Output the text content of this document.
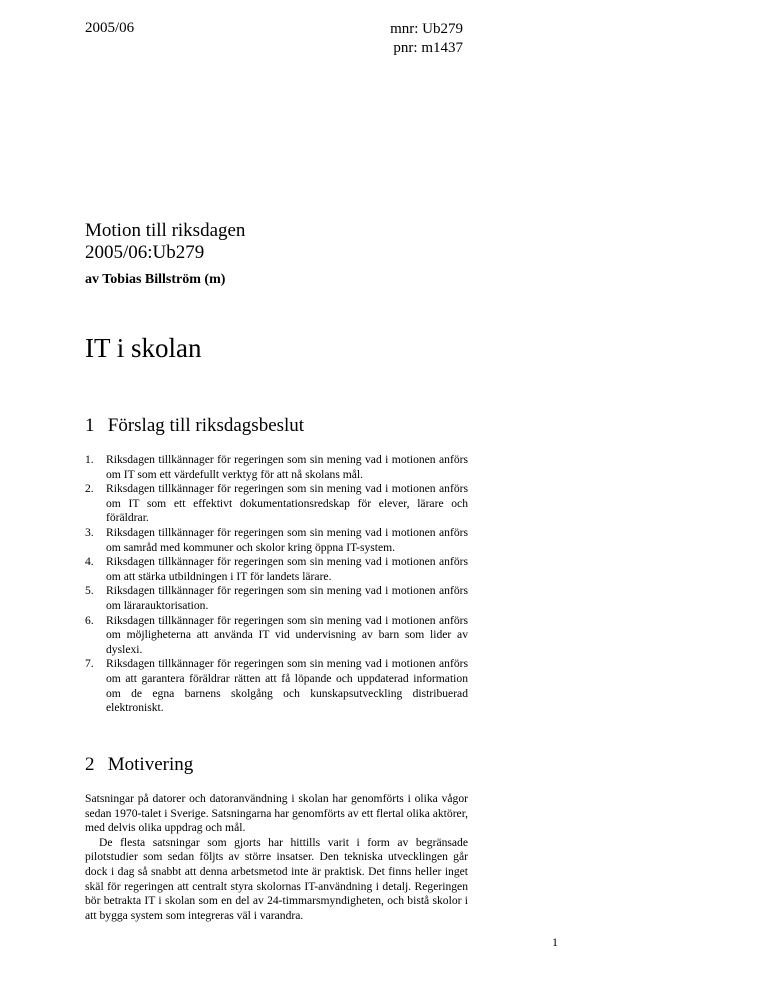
2005/06	mnr: Ub279
pnr: m1437
Motion till riksdagen
2005/06:Ub279
av Tobias Billström (m)
IT i skolan
1 Förslag till riksdagsbeslut
1.	Riksdagen tillkännager för regeringen som sin mening vad i motionen anförs om IT som ett värdefullt verktyg för att nå skolans mål.
2.	Riksdagen tillkännager för regeringen som sin mening vad i motionen anförs om IT som ett effektivt dokumentationsredskap för elever, lärare och föräldrar.
3.	Riksdagen tillkännager för regeringen som sin mening vad i motionen anförs om samråd med kommuner och skolor kring öppna IT-system.
4.	Riksdagen tillkännager för regeringen som sin mening vad i motionen anförs om att stärka utbildningen i IT för landets lärare.
5.	Riksdagen tillkännager för regeringen som sin mening vad i motionen anförs om lärarauktorisation.
6.	Riksdagen tillkännager för regeringen som sin mening vad i motionen anförs om möjligheterna att använda IT vid undervisning av barn som lider av dyslexi.
7.	Riksdagen tillkännager för regeringen som sin mening vad i motionen anförs om att garantera föräldrar rätten att få löpande och uppdaterad information om de egna barnens skolgång och kunskapsutveckling distribuerad elektroniskt.
2 Motivering

Satsningar på datorer och datoranvändning i skolan har genomförts i olika vågor sedan 1970-talet i Sverige. Satsningarna har genomförts av ett flertal olika aktörer, med delvis olika uppdrag och mål.

De flesta satsningar som gjorts har hittills varit i form av begränsade pilotstudier som sedan följts av större insatser. Den tekniska utvecklingen går dock i dag så snabbt att denna arbetsmetod inte är praktisk. Det finns heller inget skäl för regeringen att centralt styra skolornas IT-användning i detalj. Regeringen bör betrakta IT i skolan som en del av 24-timmarsmyndigheten, och bistå skolor i att bygga system som integreras väl i varandra.

1
